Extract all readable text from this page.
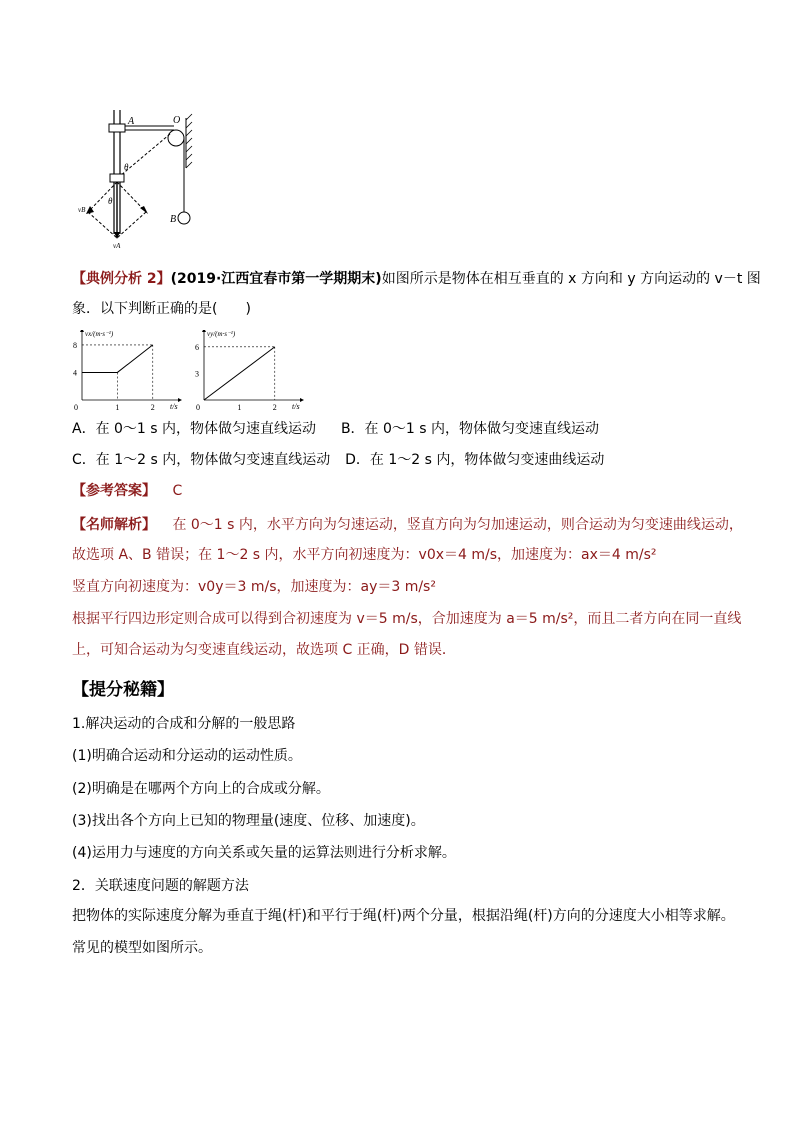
A	O
B
θ
θ
vB
vA
【典例分析 2】(2019·江西宜春市第一学期期末)如图所示是物体在相互垂直的 x 方向和 y 方向运动的 v－t 图
象．以下判断正确的是(　　)
vx/(m·s⁻¹)
t/s
0	1	2
4
8
vy/(m·s⁻¹)
t/s
0	1	2
3
6
A．在 0～1 s 内，物体做匀速直线运动 B．在 0～1 s 内，物体做匀变速直线运动
C．在 1～2 s 内，物体做匀变速直线运动 D．在 1～2 s 内，物体做匀变速曲线运动
【参考答案】 C
【名师解析】 在 0～1 s 内，水平方向为匀速运动，竖直方向为匀加速运动，则合运动为匀变速曲线运动，
故选项 A、B 错误；在 1～2 s 内，水平方向初速度为：v0x＝4 m/s，加速度为：ax＝4 m/s²
竖直方向初速度为：v0y＝3 m/s，加速度为：ay＝3 m/s²
根据平行四边形定则合成可以得到合初速度为 v＝5 m/s，合加速度为 a＝5 m/s²，而且二者方向在同一直线
上，可知合运动为匀变速直线运动，故选项 C 正确，D 错误．
【提分秘籍】
1.解决运动的合成和分解的一般思路
(1)明确合运动和分运动的运动性质。
(2)明确是在哪两个方向上的合成或分解。
(3)找出各个方向上已知的物理量(速度、位移、加速度)。
(4)运用力与速度的方向关系或矢量的运算法则进行分析求解。
2．关联速度问题的解题方法
把物体的实际速度分解为垂直于绳(杆)和平行于绳(杆)两个分量，根据沿绳(杆)方向的分速度大小相等求解。
常见的模型如图所示。
